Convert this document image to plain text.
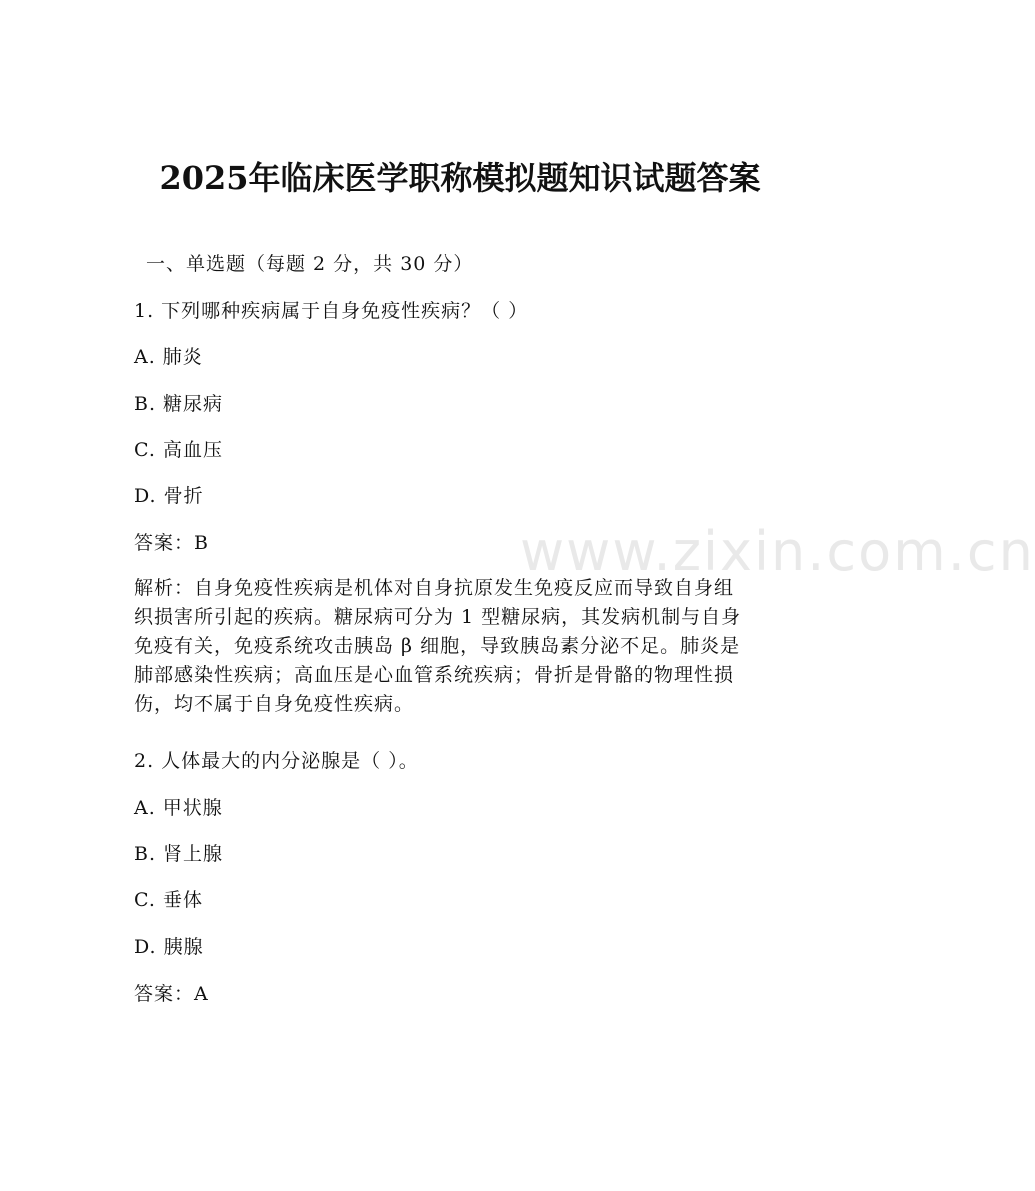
www.zixin.com.cn
2025年临床医学职称模拟题知识试题答案
一、单选题（每题 2 分，共 30 分）
1. 下列哪种疾病属于自身免疫性疾病？（ ）
A. 肺炎
B. 糖尿病
C. 高血压
D. 骨折
答案：B
解析：自身免疫性疾病是机体对自身抗原发生免疫反应而导致自身组
织损害所引起的疾病。糖尿病可分为 1 型糖尿病，其发病机制与自身
免疫有关，免疫系统攻击胰岛 β 细胞，导致胰岛素分泌不足。肺炎是
肺部感染性疾病；高血压是心血管系统疾病；骨折是骨骼的物理性损
伤，均不属于自身免疫性疾病。
2. 人体最大的内分泌腺是（ ）。
A. 甲状腺
B. 肾上腺
C. 垂体
D. 胰腺
答案：A
